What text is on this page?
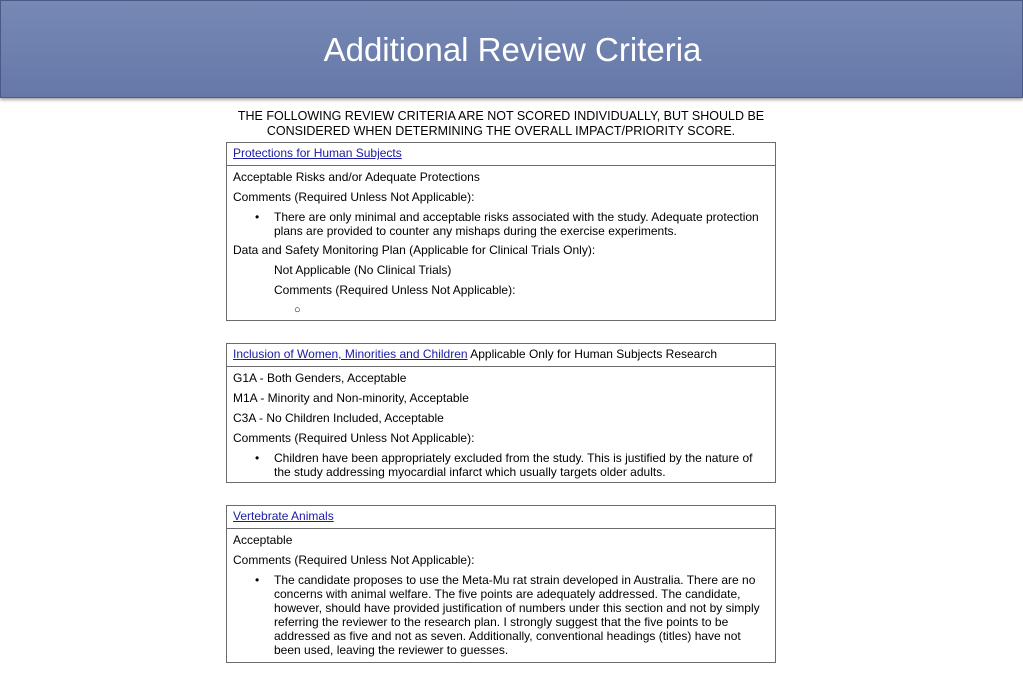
Additional Review Criteria
THE FOLLOWING REVIEW CRITERIA ARE NOT SCORED INDIVIDUALLY, BUT SHOULD BE CONSIDERED WHEN DETERMINING THE OVERALL IMPACT/PRIORITY SCORE.
Protections for Human Subjects
Acceptable Risks and/or Adequate Protections
Comments (Required Unless Not Applicable):
• There are only minimal and acceptable risks associated with the study. Adequate protection plans are provided to counter any mishaps during the exercise experiments.
Data and Safety Monitoring Plan (Applicable for Clinical Trials Only):
Not Applicable (No Clinical Trials)
Comments (Required Unless Not Applicable):
○
Inclusion of Women, Minorities and Children Applicable Only for Human Subjects Research
G1A - Both Genders, Acceptable
M1A - Minority and Non-minority, Acceptable
C3A - No Children Included, Acceptable
Comments (Required Unless Not Applicable):
• Children have been appropriately excluded from the study. This is justified by the nature of the study addressing myocardial infarct which usually targets older adults.
Vertebrate Animals
Acceptable
Comments (Required Unless Not Applicable):
• The candidate proposes to use the Meta-Mu rat strain developed in Australia. There are no concerns with animal welfare. The five points are adequately addressed. The candidate, however, should have provided justification of numbers under this section and not by simply referring the reviewer to the research plan. I strongly suggest that the five points to be addressed as five and not as seven. Additionally, conventional headings (titles) have not been used, leaving the reviewer to guesses.
